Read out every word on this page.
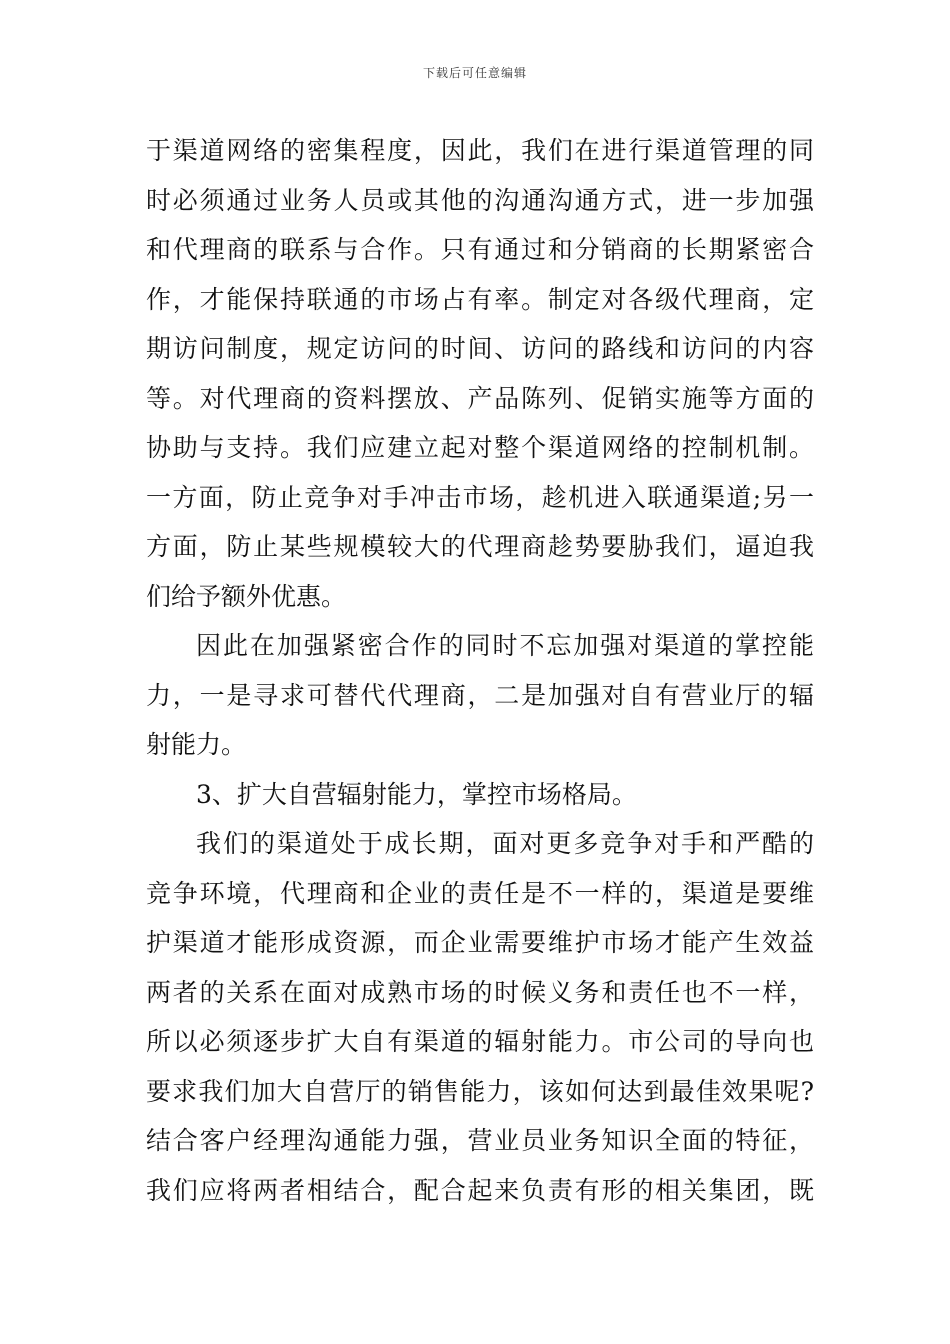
下载后可任意编辑
于渠道网络的密集程度，因此，我们在进行渠道管理的同
时必须通过业务人员或其他的沟通沟通方式，进一步加强
和代理商的联系与合作。只有通过和分销商的长期紧密合
作，才能保持联通的市场占有率。制定对各级代理商，定
期访问制度，规定访问的时间、访问的路线和访问的内容
等。对代理商的资料摆放、产品陈列、促销实施等方面的
协助与支持。我们应建立起对整个渠道网络的控制机制。
一方面，防止竞争对手冲击市场，趁机进入联通渠道;另一
方面，防止某些规模较大的代理商趁势要胁我们，逼迫我
们给予额外优惠。
因此在加强紧密合作的同时不忘加强对渠道的掌控能
力，一是寻求可替代代理商，二是加强对自有营业厅的辐
射能力。
3、扩大自营辐射能力，掌控市场格局。
我们的渠道处于成长期，面对更多竞争对手和严酷的
竞争环境，代理商和企业的责任是不一样的，渠道是要维
护渠道才能形成资源，而企业需要维护市场才能产生效益
两者的关系在面对成熟市场的时候义务和责任也不一样，
所以必须逐步扩大自有渠道的辐射能力。市公司的导向也
要求我们加大自营厅的销售能力，该如何达到最佳效果呢?
结合客户经理沟通能力强，营业员业务知识全面的特征，
我们应将两者相结合，配合起来负责有形的相关集团，既
